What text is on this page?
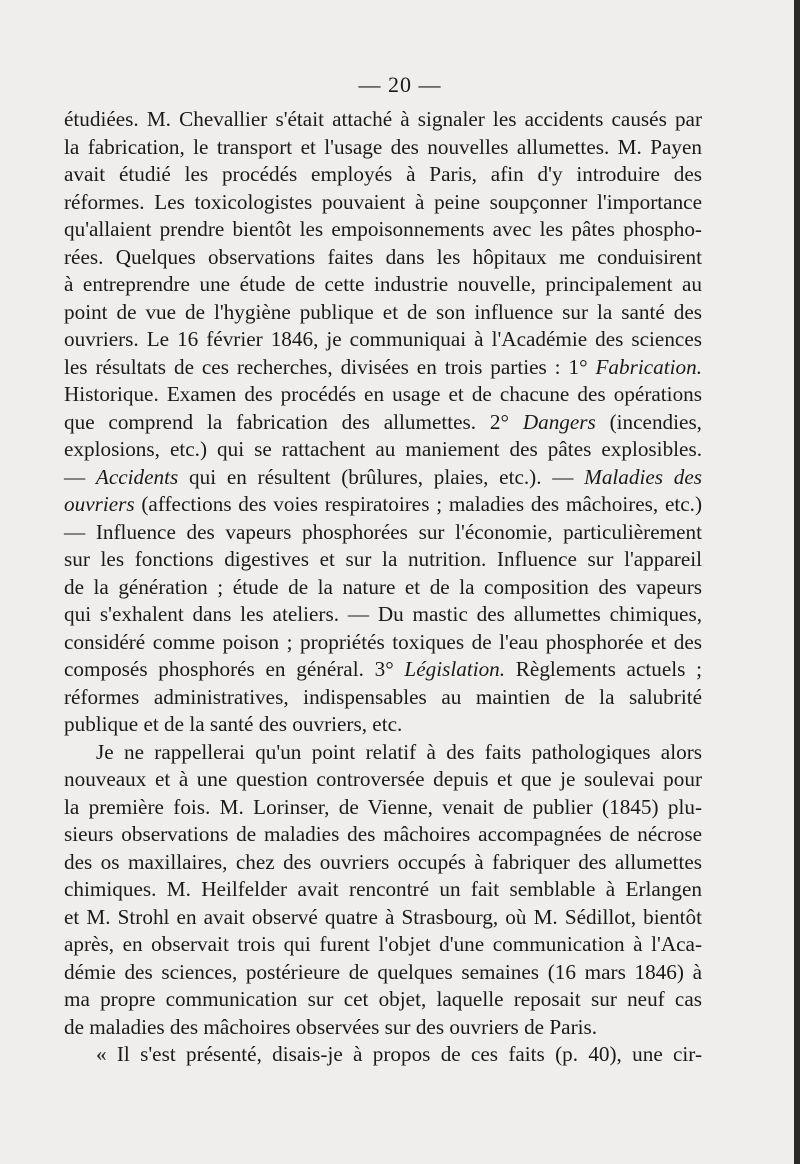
— 20 —
étudiées. M. Chevallier s'était attaché à signaler les accidents causés par
la fabrication, le transport et l'usage des nouvelles allumettes. M. Payen
avait étudié les procédés employés à Paris, afin d'y introduire des
réformes. Les toxicologistes pouvaient à peine soupçonner l'importance
qu'allaient prendre bientôt les empoisonnements avec les pâtes phospho-
rées. Quelques observations faites dans les hôpitaux me conduisirent
à entreprendre une étude de cette industrie nouvelle, principalement au
point de vue de l'hygiène publique et de son influence sur la santé des
ouvriers. Le 16 février 1846, je communiquai à l'Académie des sciences
les résultats de ces recherches, divisées en trois parties : 1° Fabrication.
Historique. Examen des procédés en usage et de chacune des opérations
que comprend la fabrication des allumettes. 2° Dangers (incendies,
explosions, etc.) qui se rattachent au maniement des pâtes explosibles.
— Accidents qui en résultent (brûlures, plaies, etc.). — Maladies des
ouvriers (affections des voies respiratoires ; maladies des mâchoires, etc.)
— Influence des vapeurs phosphorées sur l'économie, particulièrement
sur les fonctions digestives et sur la nutrition. Influence sur l'appareil
de la génération ; étude de la nature et de la composition des vapeurs
qui s'exhalent dans les ateliers. — Du mastic des allumettes chimiques,
considéré comme poison ; propriétés toxiques de l'eau phosphorée et des
composés phosphorés en général. 3° Législation. Règlements actuels ;
réformes administratives, indispensables au maintien de la salubrité
publique et de la santé des ouvriers, etc.
Je ne rappellerai qu'un point relatif à des faits pathologiques alors
nouveaux et à une question controversée depuis et que je soulevai pour
la première fois. M. Lorinser, de Vienne, venait de publier (1845) plu-
sieurs observations de maladies des mâchoires accompagnées de nécrose
des os maxillaires, chez des ouvriers occupés à fabriquer des allumettes
chimiques. M. Heilfelder avait rencontré un fait semblable à Erlangen
et M. Strohl en avait observé quatre à Strasbourg, où M. Sédillot, bientôt
après, en observait trois qui furent l'objet d'une communication à l'Aca-
démie des sciences, postérieure de quelques semaines (16 mars 1846) à
ma propre communication sur cet objet, laquelle reposait sur neuf cas
de maladies des mâchoires observées sur des ouvriers de Paris.
« Il s'est présenté, disais-je à propos de ces faits (p. 40), une cir-
